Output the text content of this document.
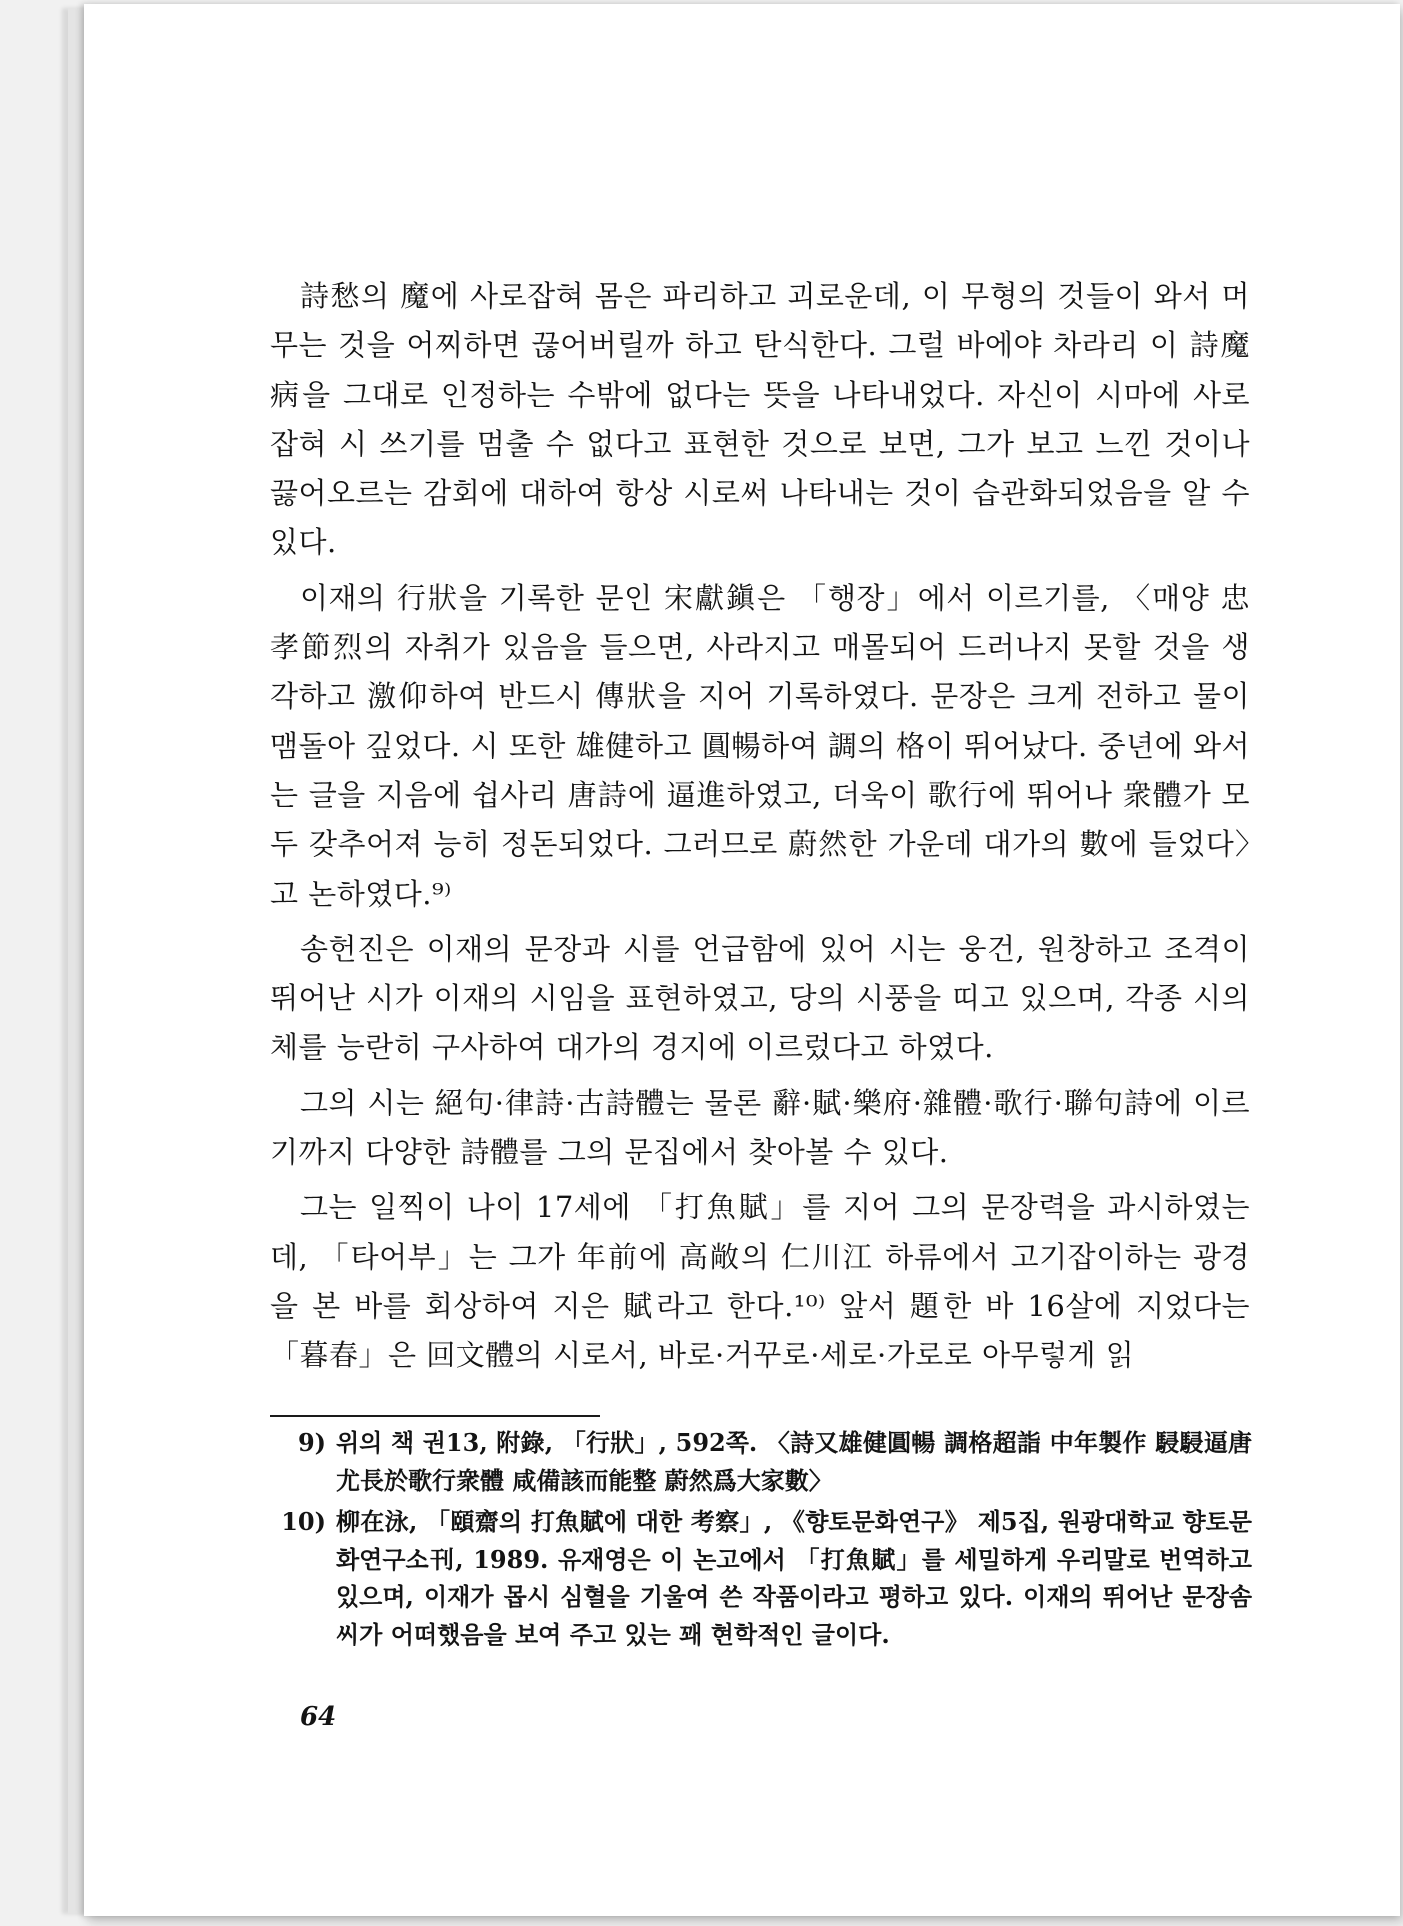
詩愁의 魔에 사로잡혀 몸은 파리하고 괴로운데, 이 무형의 것들이 와서 머무는 것을 어찌하면 끊어버릴까 하고 탄식한다. 그럴 바에야 차라리 이 詩魔病을 그대로 인정하는 수밖에 없다는 뜻을 나타내었다. 자신이 시마에 사로잡혀 시 쓰기를 멈출 수 없다고 표현한 것으로 보면, 그가 보고 느낀 것이나 끓어오르는 감회에 대하여 항상 시로써 나타내는 것이 습관화되었음을 알 수 있다.

이재의 行狀을 기록한 문인 宋獻鎭은 「행장」에서 이르기를, 〈매양 忠孝節烈의 자취가 있음을 들으면, 사라지고 매몰되어 드러나지 못할 것을 생각하고 激仰하여 반드시 傳狀을 지어 기록하였다. 문장은 크게 전하고 물이 맴돌아 깊었다. 시 또한 雄健하고 圓暢하여 調의 格이 뛰어났다. 중년에 와서는 글을 지음에 쉽사리 唐詩에 逼進하였고, 더욱이 歌行에 뛰어나 衆體가 모두 갖추어져 능히 정돈되었다. 그러므로 蔚然한 가운데 대가의 數에 들었다〉고 논하였다.⁹⁾

송헌진은 이재의 문장과 시를 언급함에 있어 시는 웅건, 원창하고 조격이 뛰어난 시가 이재의 시임을 표현하였고, 당의 시풍을 띠고 있으며, 각종 시의 체를 능란히 구사하여 대가의 경지에 이르렀다고 하였다.

그의 시는 絕句·律詩·古詩體는 물론 辭·賦·樂府·雜體·歌行·聯句詩에 이르기까지 다양한 詩體를 그의 문집에서 찾아볼 수 있다.

그는 일찍이 나이 17세에 「打魚賦」를 지어 그의 문장력을 과시하였는데, 「타어부」는 그가 年前에 高敞의 仁川江 하류에서 고기잡이하는 광경을 본 바를 회상하여 지은 賦라고 한다.¹⁰⁾ 앞서 題한 바 16살에 지었다는 「暮春」은 回文體의 시로서, 바로·거꾸로·세로·가로로 아무렇게 읽

9) 위의 책 권13, 附錄, 「行狀」, 592쪽. 〈詩又雄健圓暢 調格超詣 中年製作 駸駸逼唐 尤長於歌行衆體 咸備該而能整 蔚然爲大家數〉
10) 柳在泳, 「頤齋의 打魚賦에 대한 考察」, 《향토문화연구》 제5집, 원광대학교 향토문화연구소刊, 1989. 유재영은 이 논고에서 「打魚賦」를 세밀하게 우리말로 번역하고 있으며, 이재가 몹시 심혈을 기울여 쓴 작품이라고 평하고 있다. 이재의 뛰어난 문장솜씨가 어떠했음을 보여 주고 있는 꽤 현학적인 글이다.
64
